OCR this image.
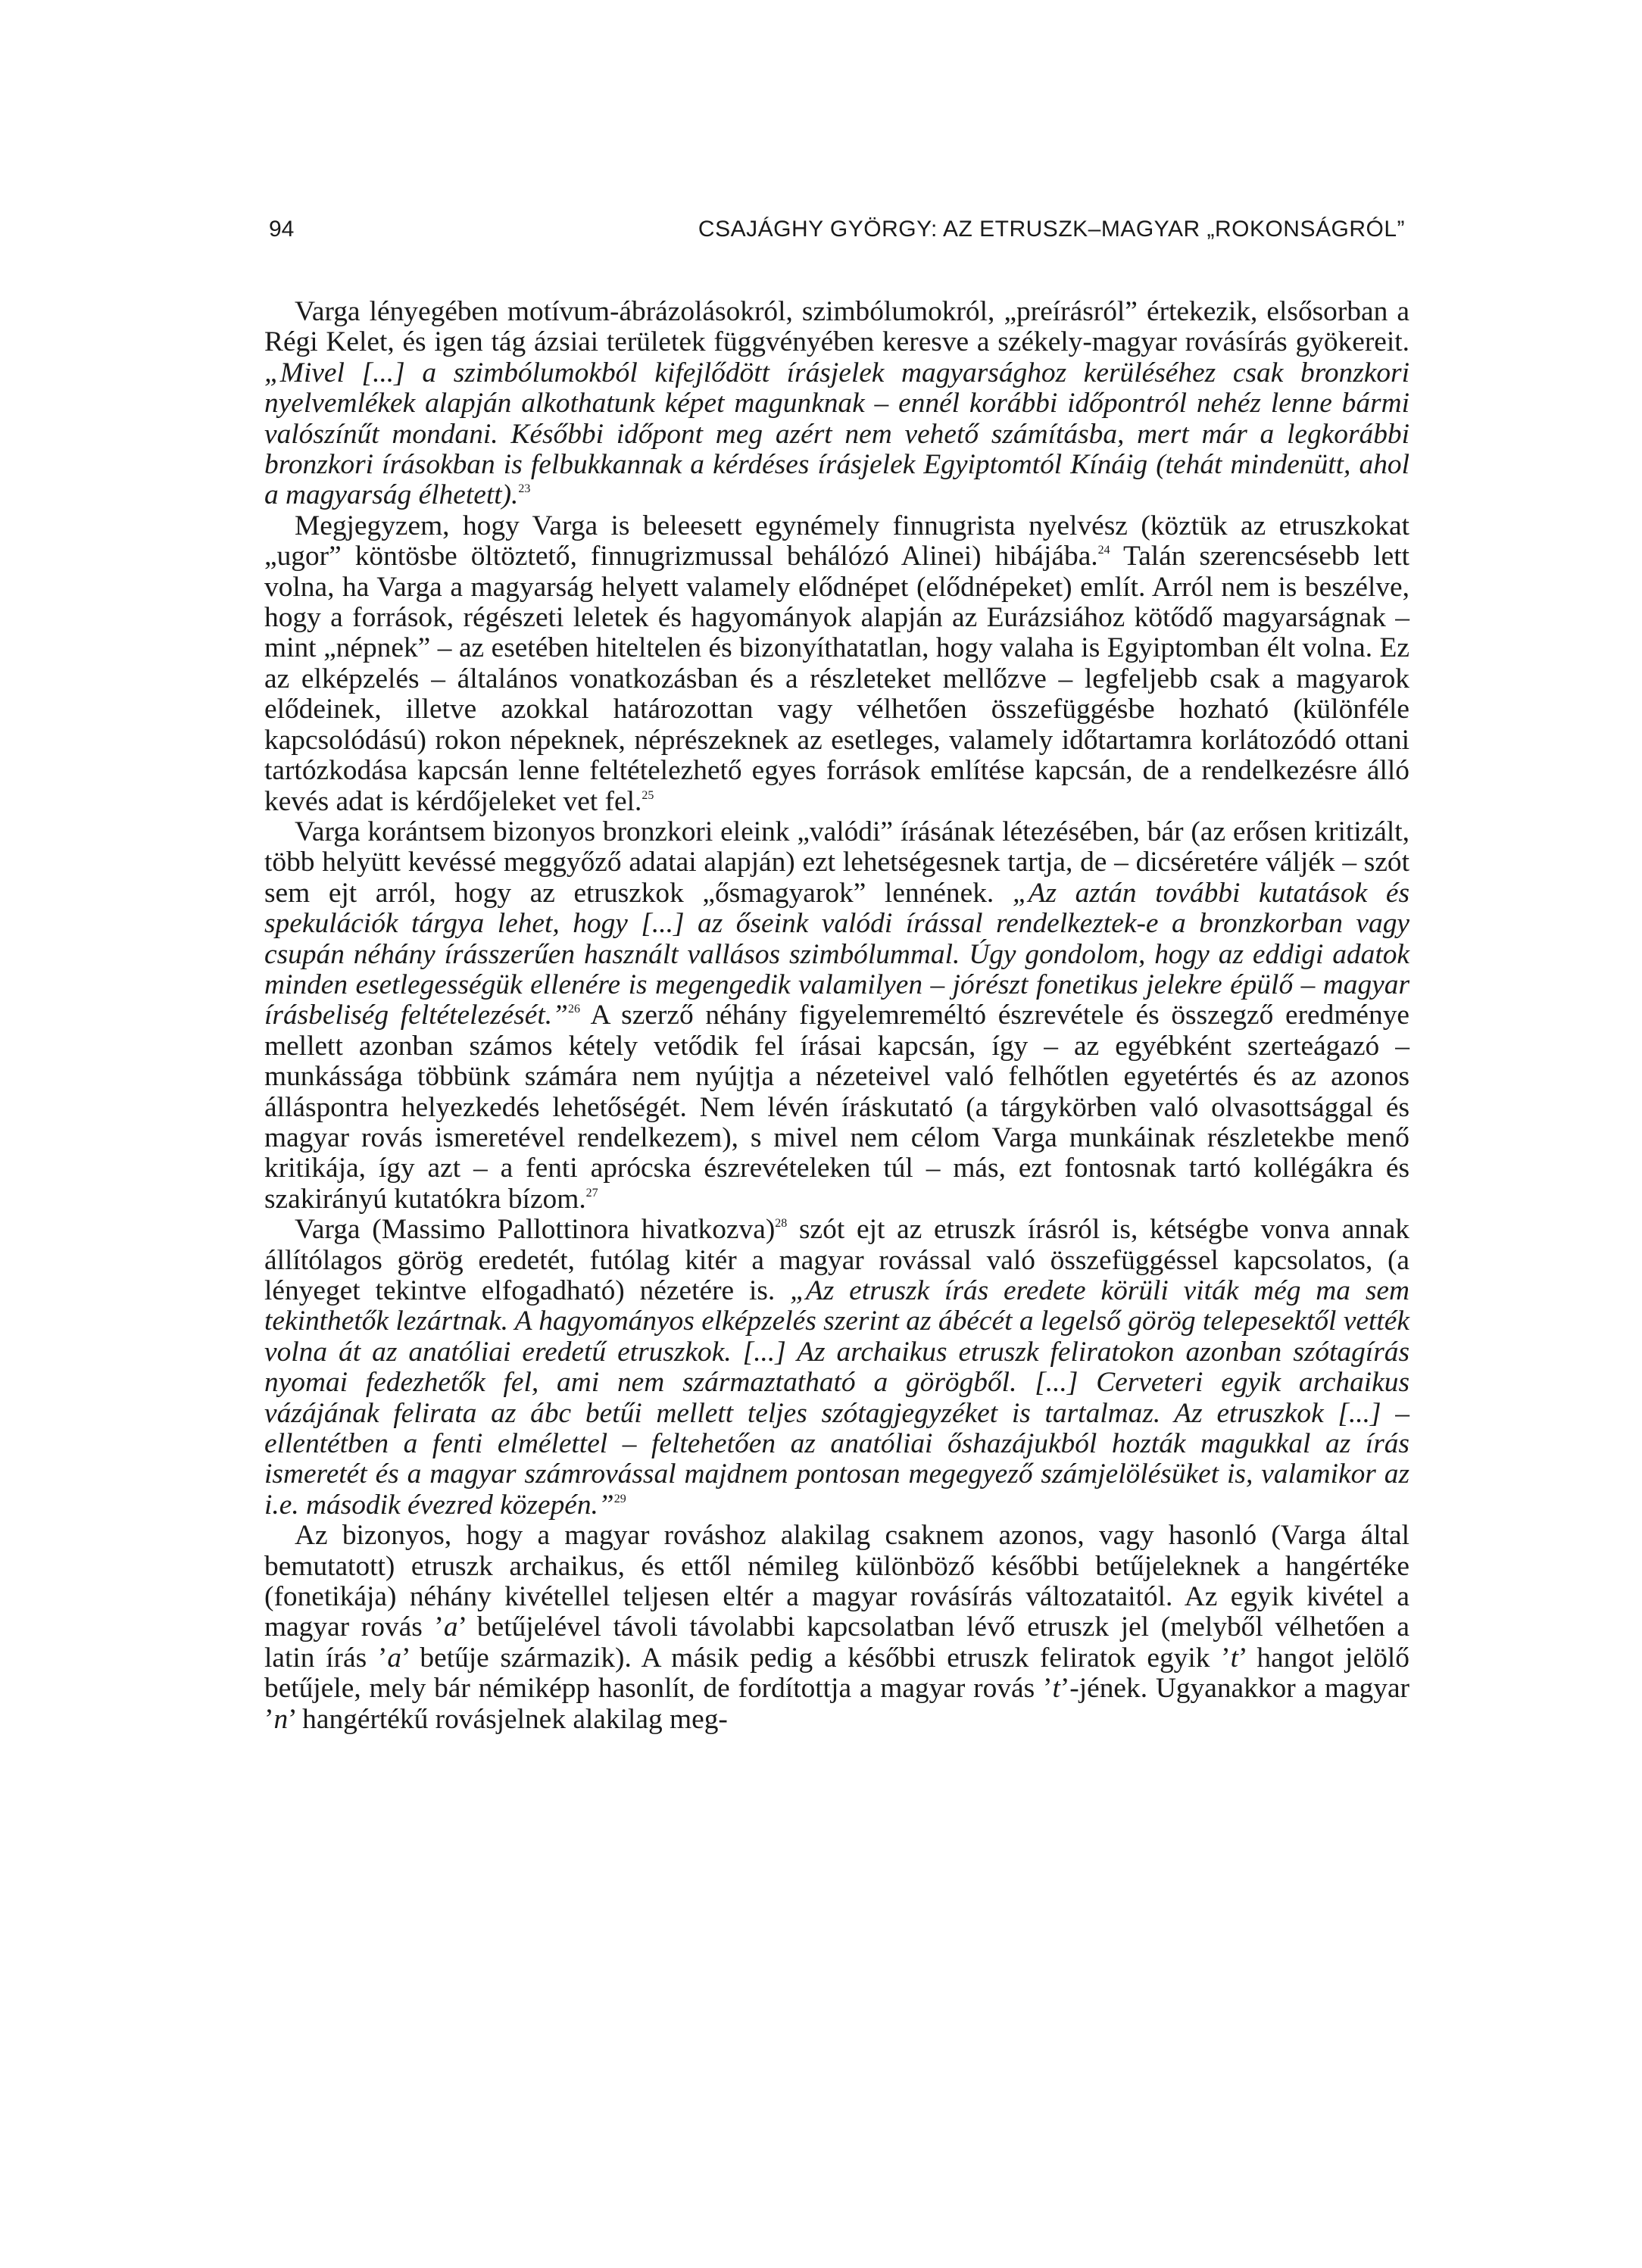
94	CSAJÁGHY GYÖRGY: AZ ETRUSZK–MAGYAR „ROKONSÁGRÓL”

Varga lényegében motívum-ábrázolásokról, szimbólumokról, „preírásról” értekezik, elsősorban a Régi Kelet, és igen tág ázsiai területek függvényében keresve a székely-magyar rovásírás gyökereit. „Mivel [...] a szimbólumokból kifejlődött írásjelek magyarsághoz kerüléséhez csak bronzkori nyelvemlékek alapján alkothatunk képet magunknak – ennél korábbi időpontról nehéz lenne bármi valószínűt mondani. Későbbi időpont meg azért nem vehető számításba, mert már a legkorábbi bronzkori írásokban is felbukkannak a kérdéses írásjelek Egyiptomtól Kínáig (tehát mindenütt, ahol a magyarság élhetett).$^{23}$

Megjegyzem, hogy Varga is beleesett egynémely finnugrista nyelvész (köztük az etruszkokat „ugor” köntösbe öltöztető, finnugrizmussal behálózó Alinei) hibájába.$^{24}$ Talán szerencsésebb lett volna, ha Varga a magyarság helyett valamely elődnépet (elődnépeket) említ. Arról nem is beszélve, hogy a források, régészeti leletek és hagyományok alapján az Eurázsiához kötődő magyarságnak – mint „népnek” – az esetében hiteltelen és bizonyíthatatlan, hogy valaha is Egyiptomban élt volna. Ez az elképzelés – általános vonatkozásban és a részleteket mellőzve – legfeljebb csak a magyarok elődeinek, illetve azokkal határozottan vagy vélhetően összefüggésbe hozható (különféle kapcsolódású) rokon népeknek, néprészeknek az esetleges, valamely időtartamra korlátozódó ottani tartózkodása kapcsán lenne feltételezhető egyes források említése kapcsán, de a rendelkezésre álló kevés adat is kérdőjeleket vet fel.$^{25}$

Varga korántsem bizonyos bronzkori eleink „valódi” írásának létezésében, bár (az erősen kritizált, több helyütt kevéssé meggyőző adatai alapján) ezt lehetségesnek tartja, de – dicséretére váljék – szót sem ejt arról, hogy az etruszkok „ősmagyarok” lennének. „Az aztán további kutatások és spekulációk tárgya lehet, hogy [...] az őseink valódi írással rendelkeztek-e a bronzkorban vagy csupán néhány írásszerűen használt vallásos szimbólummal. Úgy gondolom, hogy az eddigi adatok minden esetlegességük ellenére is megengedik valamilyen – jórészt fonetikus jelekre épülő – magyar írásbeliség feltételezését.”$^{26}$ A szerző néhány figyelemreméltó észrevétele és összegző eredménye mellett azonban számos kétely vetődik fel írásai kapcsán, így – az egyébként szerteágazó – munkássága többünk számára nem nyújtja a nézeteivel való felhőtlen egyetértés és az azonos álláspontra helyezkedés lehetőségét. Nem lévén íráskutató (a tárgykörben való olvasottsággal és magyar rovás ismeretével rendelkezem), s mivel nem célom Varga munkáinak részletekbe menő kritikája, így azt – a fenti aprócska észrevételeken túl – más, ezt fontosnak tartó kollégákra és szakirányú kutatókra bízom.$^{27}$

Varga (Massimo Pallottinora hivatkozva)$^{28}$ szót ejt az etruszk írásról is, kétségbe vonva annak állítólagos görög eredetét, futólag kitér a magyar rovással való összefüggéssel kapcsolatos, (a lényeget tekintve elfogadható) nézetére is. „Az etruszk írás eredete körüli viták még ma sem tekinthetők lezártnak. A hagyományos elképzelés szerint az ábécét a legelső görög telepesektől vették volna át az anatóliai eredetű etruszkok. [...] Az archaikus etruszk feliratokon azonban szótagírás nyomai fedezhetők fel, ami nem származtatható a görögből. [...] Cerveteri egyik archaikus vázájának felirata az ábc betűi mellett teljes szótagjegyzéket is tartalmaz. Az etruszkok [...] – ellentétben a fenti elmélettel – feltehetően az anatóliai őshazájukból hozták magukkal az írás ismeretét és a magyar számrovással majdnem pontosan megegyező számjelölésüket is, valamikor az i.e. második évezred közepén.”$^{29}$

Az bizonyos, hogy a magyar rováshoz alakilag csaknem azonos, vagy hasonló (Varga által bemutatott) etruszk archaikus, és ettől némileg különböző későbbi betűjeleknek a hangértéke (fonetikája) néhány kivétellel teljesen eltér a magyar rovásírás változataitól. Az egyik kivétel a magyar rovás ’a’ betűjelével távoli távolabbi kapcsolatban lévő etruszk jel (melyből vélhetően a latin írás ’a’ betűje származik). A másik pedig a későbbi etruszk feliratok egyik ’t’ hangot jelölő betűjele, mely bár némiképp hasonlít, de fordítottja a magyar rovás ’t’-jének. Ugyanakkor a magyar ’n’ hangértékű rovásjelnek alakilag meg-
